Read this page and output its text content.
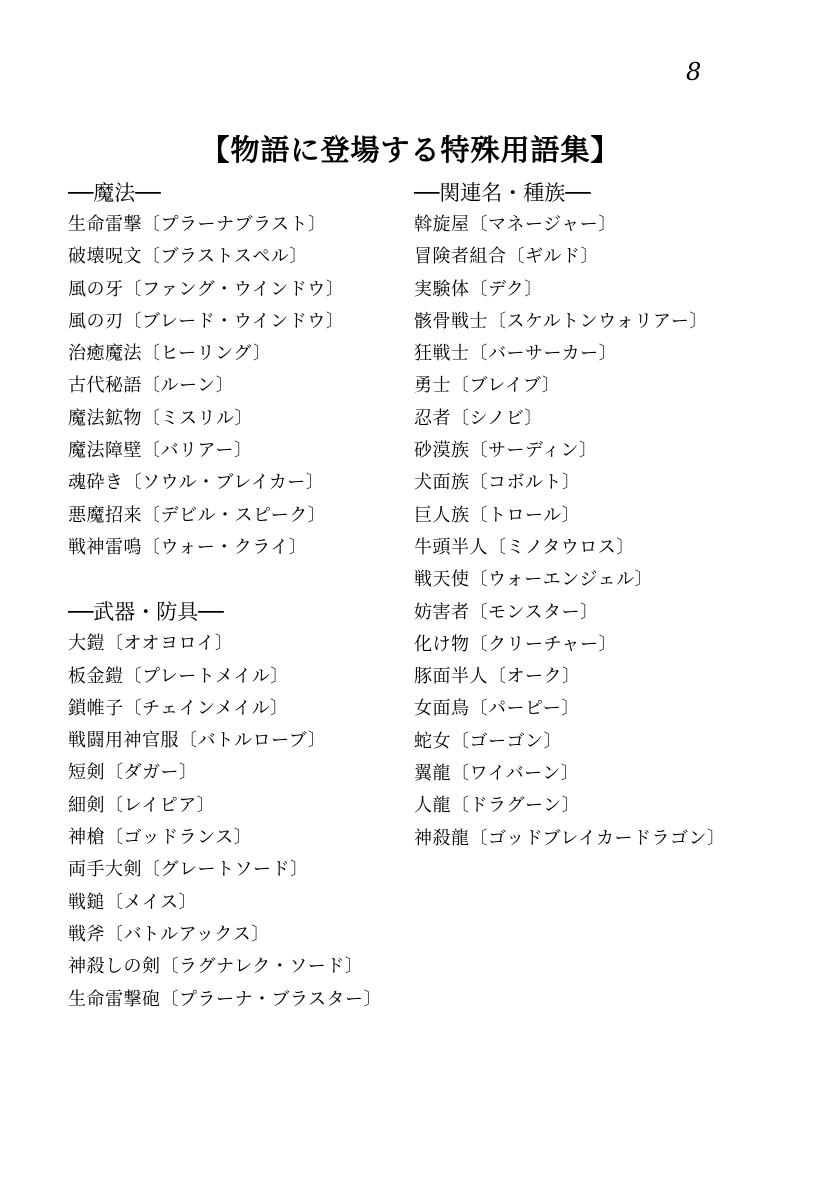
8
【物語に登場する特殊用語集】
──魔法──
生命雷撃〔プラーナブラスト〕
破壊呪文〔ブラストスペル〕
風の牙〔ファング・ウインドウ〕
風の刃〔ブレード・ウインドウ〕
治癒魔法〔ヒーリング〕
古代秘語〔ルーン〕
魔法鉱物〔ミスリル〕
魔法障壁〔バリアー〕
魂砕き〔ソウル・ブレイカー〕
悪魔招来〔デビル・スピーク〕
戦神雷鳴〔ウォー・クライ〕
──武器・防具──
大鎧〔オオヨロイ〕
板金鎧〔プレートメイル〕
鎖帷子〔チェインメイル〕
戦闘用神官服〔バトルローブ〕
短剣〔ダガー〕
細剣〔レイピア〕
神槍〔ゴッドランス〕
両手大剣〔グレートソード〕
戦鎚〔メイス〕
戦斧〔バトルアックス〕
神殺しの剣〔ラグナレク・ソード〕
生命雷撃砲〔プラーナ・ブラスター〕
──関連名・種族──
斡旋屋〔マネージャー〕
冒険者組合〔ギルド〕
実験体〔デク〕
骸骨戦士〔スケルトンウォリアー〕
狂戦士〔バーサーカー〕
勇士〔ブレイブ〕
忍者〔シノビ〕
砂漠族〔サーディン〕
犬面族〔コボルト〕
巨人族〔トロール〕
牛頭半人〔ミノタウロス〕
戦天使〔ウォーエンジェル〕
妨害者〔モンスター〕
化け物〔クリーチャー〕
豚面半人〔オーク〕
女面鳥〔パーピー〕
蛇女〔ゴーゴン〕
翼龍〔ワイバーン〕
人龍〔ドラグーン〕
神殺龍〔ゴッドブレイカードラゴン〕
